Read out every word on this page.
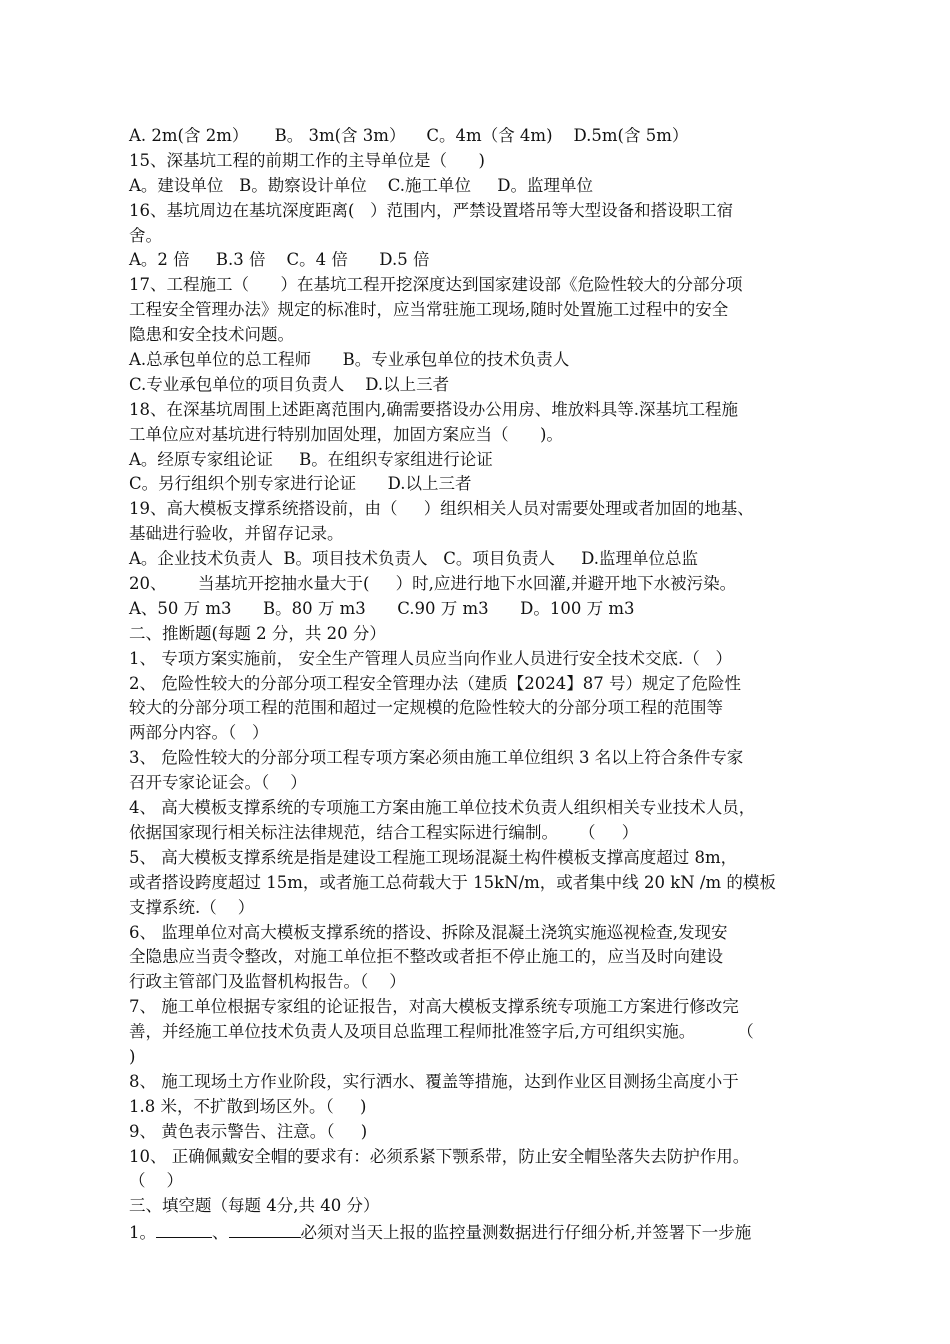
A. 2m(含 2m）     B。 3m(含 3m）    C。4m（含 4m)    D.5m(含 5m）
15、深基坑工程的前期工作的主导单位是（      )
A。建设单位   B。勘察设计单位    C.施工单位     D。监理单位
16、基坑周边在基坑深度距离(   ）范围内，严禁设置塔吊等大型设备和搭设职工宿
舍。
A。2 倍     B.3 倍    C。4 倍      D.5 倍
17、工程施工（      ）在基坑工程开挖深度达到国家建设部《危险性较大的分部分项
工程安全管理办法》规定的标准时，应当常驻施工现场,随时处置施工过程中的安全
隐患和安全技术问题。
A.总承包单位的总工程师      B。专业承包单位的技术负责人
C.专业承包单位的项目负责人    D.以上三者
18、在深基坑周围上述距离范围内,确需要搭设办公用房、堆放料具等.深基坑工程施
工单位应对基坑进行特别加固处理，加固方案应当（      )。
A。经原专家组论证     B。在组织专家组进行论证
C。另行组织个别专家进行论证      D.以上三者
19、高大模板支撑系统搭设前，由（     ）组织相关人员对需要处理或者加固的地基、
基础进行验收，并留存记录。
A。企业技术负责人  B。项目技术负责人   C。项目负责人     D.监理单位总监
20、      当基坑开挖抽水量大于(     ）时,应进行地下水回灌,并避开地下水被污染。
A、50 万 m3      B。80 万 m3      C.90 万 m3      D。100 万 m3
二、推断题(每题 2 分，共 20 分）
1、 专项方案实施前， 安全生产管理人员应当向作业人员进行安全技术交底.（   ）
2、 危险性较大的分部分项工程安全管理办法（建质【2024】87 号）规定了危险性
较大的分部分项工程的范围和超过一定规模的危险性较大的分部分项工程的范围等
两部分内容。（   ）
3、 危险性较大的分部分项工程专项方案必须由施工单位组织 3 名以上符合条件专家
召开专家论证会。（    ）
4、 高大模板支撑系统的专项施工方案由施工单位技术负责人组织相关专业技术人员，
依据国家现行相关标注法律规范，结合工程实际进行编制。    （     ）
5、 高大模板支撑系统是指是建设工程施工现场混凝土构件模板支撑高度超过 8m，
或者搭设跨度超过 15m，或者施工总荷载大于 15kN/m，或者集中线 20 kN /m 的模板
支撑系统.（    ）
6、 监理单位对高大模板支撑系统的搭设、拆除及混凝土浇筑实施巡视检查,发现安
全隐患应当责令整改，对施工单位拒不整改或者拒不停止施工的，应当及时向建设
行政主管部门及监督机构报告。（    ）
7、 施工单位根据专家组的论证报告，对高大模板支撑系统专项施工方案进行修改完
善，并经施工单位技术负责人及项目总监理工程师批准签字后,方可组织实施。        （
)
8、 施工现场土方作业阶段，实行洒水、覆盖等措施，达到作业区目测扬尘高度小于
1.8 米，不扩散到场区外。（     )
9、 黄色表示警告、注意。（     )
10、 正确佩戴安全帽的要求有：必须系紧下颚系带，防止安全帽坠落失去防护作用。
（    ）
三、填空题（每题 4分,共 40 分）
1。	、	必须对当天上报的监控量测数据进行仔细分析,并签署下一步施
